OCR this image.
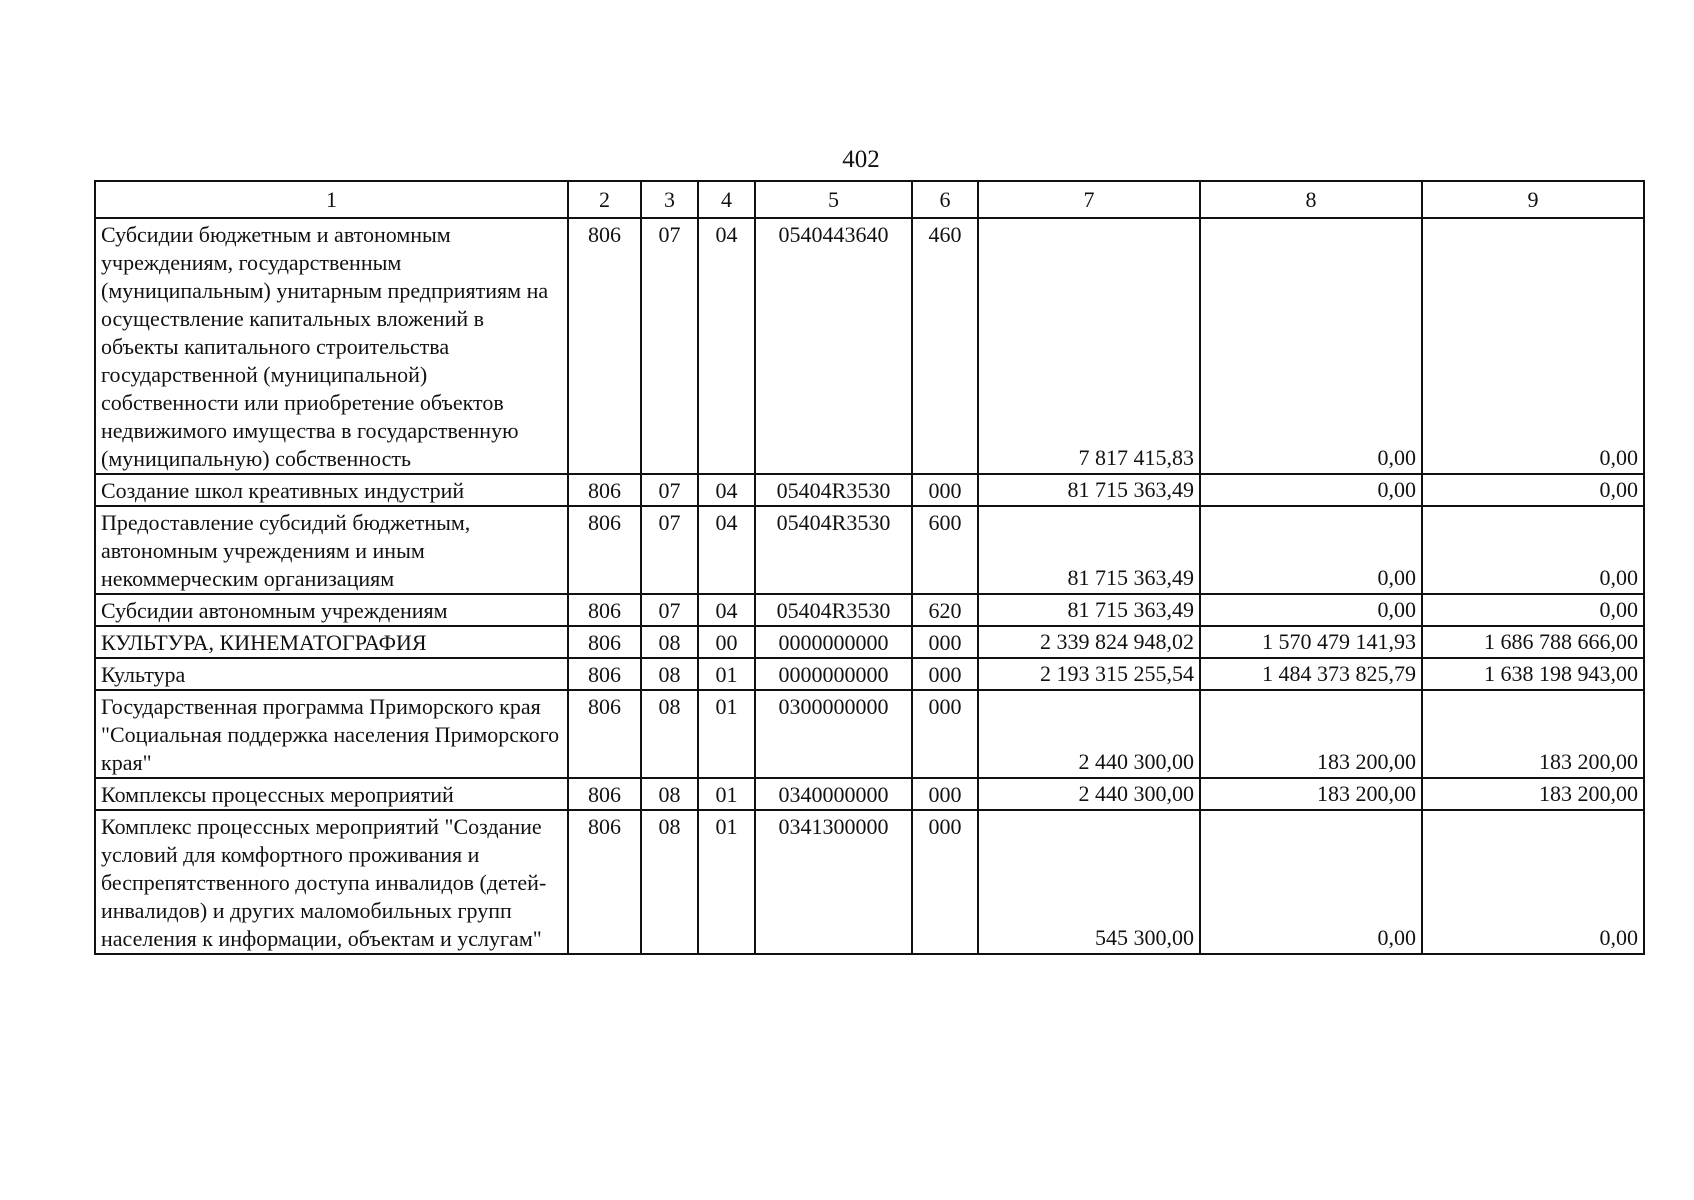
402
1	2	3	4	5	6	7	8	9
Субсидии бюджетным и автономным учреждениям, государственным (муниципальным) унитарным предприятиям на осуществление капитальных вложений в объекты капитального строительства государственной (муниципальной) собственности или приобретение объектов недвижимого имущества в государственную (муниципальную) собственность	806	07	04	0540443640	460	7 817 415,83	0,00	0,00
Создание школ креативных индустрий	806	07	04	05404R3530	000	81 715 363,49	0,00	0,00
Предоставление субсидий бюджетным, автономным учреждениям и иным некоммерческим организациям	806	07	04	05404R3530	600	81 715 363,49	0,00	0,00
Субсидии автономным учреждениям	806	07	04	05404R3530	620	81 715 363,49	0,00	0,00
КУЛЬТУРА, КИНЕМАТОГРАФИЯ	806	08	00	0000000000	000	2 339 824 948,02	1 570 479 141,93	1 686 788 666,00
Культура	806	08	01	0000000000	000	2 193 315 255,54	1 484 373 825,79	1 638 198 943,00
Государственная программа Приморского края "Социальная поддержка населения Приморского края"	806	08	01	0300000000	000	2 440 300,00	183 200,00	183 200,00
Комплексы процессных мероприятий	806	08	01	0340000000	000	2 440 300,00	183 200,00	183 200,00
Комплекс процессных мероприятий "Создание условий для комфортного проживания и беспрепятственного доступа инвалидов (детей-инвалидов) и других маломобильных групп населения к информации, объектам и услугам"	806	08	01	0341300000	000	545 300,00	0,00	0,00
